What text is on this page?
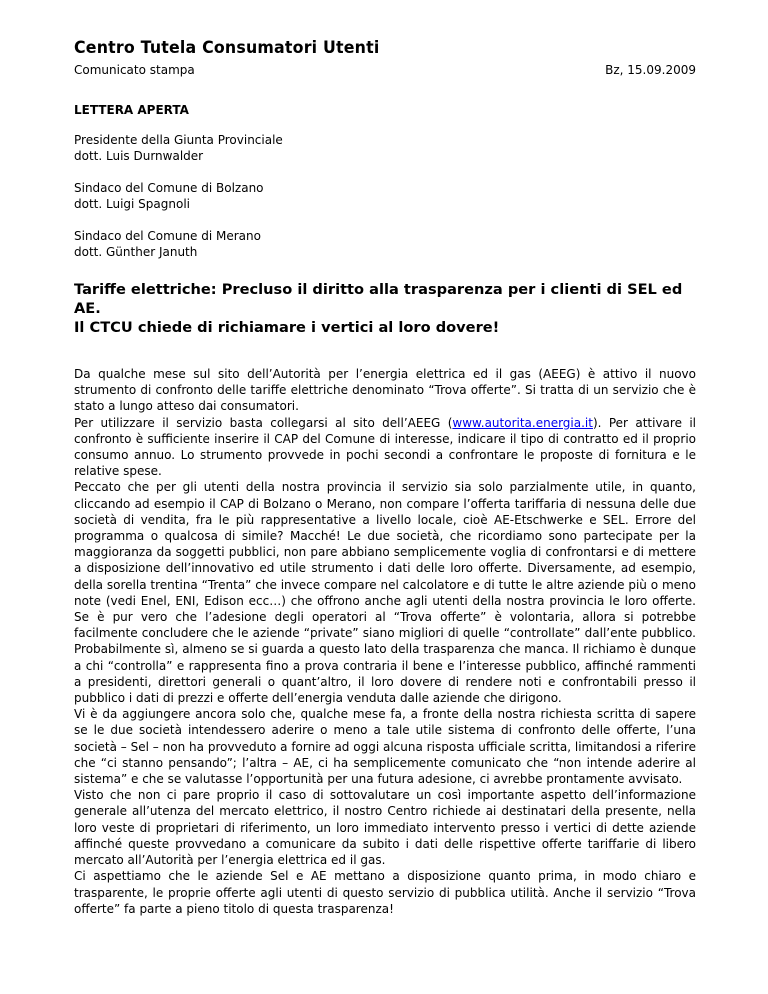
Centro Tutela Consumatori Utenti
Comunicato stampa	Bz, 15.09.2009
LETTERA APERTA
Presidente della Giunta Provinciale
dott. Luis Durnwalder
Sindaco del Comune di Bolzano
dott. Luigi Spagnoli
Sindaco del Comune di Merano
dott. Günther Januth
Tariffe elettriche: Precluso il diritto alla trasparenza per i clienti di SEL ed AE.
Il CTCU chiede di richiamare i vertici al loro dovere!

Da qualche mese sul sito dell’Autorità per l’energia elettrica ed il gas (AEEG) è attivo il nuovo strumento di confronto delle tariffe elettriche denominato “Trova offerte”. Si tratta di un servizio che è stato a lungo atteso dai consumatori.

Per utilizzare il servizio basta collegarsi al sito dell’AEEG (www.autorita.energia.it). Per attivare il confronto è sufficiente inserire il CAP del Comune di interesse, indicare il tipo di contratto ed il proprio consumo annuo. Lo strumento provvede in pochi secondi a confrontare le proposte di fornitura e le relative spese.

Peccato che per gli utenti della nostra provincia il servizio sia solo parzialmente utile, in quanto, cliccando ad esempio il CAP di Bolzano o Merano, non compare l’offerta tariffaria di nessuna delle due società di vendita, fra le più rappresentative a livello locale, cioè AE-Etschwerke e SEL. Errore del programma o qualcosa di simile? Macché! Le due società, che ricordiamo sono partecipate per la maggioranza da soggetti pubblici, non pare abbiano semplicemente voglia di confrontarsi e di mettere a disposizione dell’innovativo ed utile strumento i dati delle loro offerte. Diversamente, ad esempio, della sorella trentina “Trenta” che invece compare nel calcolatore e di tutte le altre aziende più o meno note (vedi Enel, ENI, Edison ecc…) che offrono anche agli utenti della nostra provincia le loro offerte. Se è pur vero che l’adesione degli operatori al “Trova offerte” è volontaria, allora si potrebbe facilmente concludere che le aziende “private” siano migliori di quelle “controllate” dall’ente pubblico. Probabilmente sì, almeno se si guarda a questo lato della trasparenza che manca. Il richiamo è dunque a chi “controlla” e rappresenta fino a prova contraria il bene e l’interesse pubblico, affinché rammenti a presidenti, direttori generali o quant’altro, il loro dovere di rendere noti e confrontabili presso il pubblico i dati di prezzi e offerte dell’energia venduta dalle aziende che dirigono.

Vi è da aggiungere ancora solo che, qualche mese fa, a fronte della nostra richiesta scritta di sapere se le due società intendessero aderire o meno a tale utile sistema di confronto delle offerte, l’una società – Sel – non ha provveduto a fornire ad oggi alcuna risposta ufficiale scritta, limitandosi a riferire che “ci stanno pensando”; l’altra – AE, ci ha semplicemente comunicato che “non intende aderire al sistema” e che se valutasse l’opportunità per una futura adesione, ci avrebbe prontamente avvisato.

Visto che non ci pare proprio il caso di sottovalutare un così importante aspetto dell’informazione generale all’utenza del mercato elettrico, il nostro Centro richiede ai destinatari della presente, nella loro veste di proprietari di riferimento, un loro immediato intervento presso i vertici di dette aziende affinché queste provvedano a comunicare da subito i dati delle rispettive offerte tariffarie di libero mercato all’Autorità per l’energia elettrica ed il gas.

Ci aspettiamo che le aziende Sel e AE mettano a disposizione quanto prima, in modo chiaro e trasparente, le proprie offerte agli utenti di questo servizio di pubblica utilità. Anche il servizio “Trova offerte” fa parte a pieno titolo di questa trasparenza!
